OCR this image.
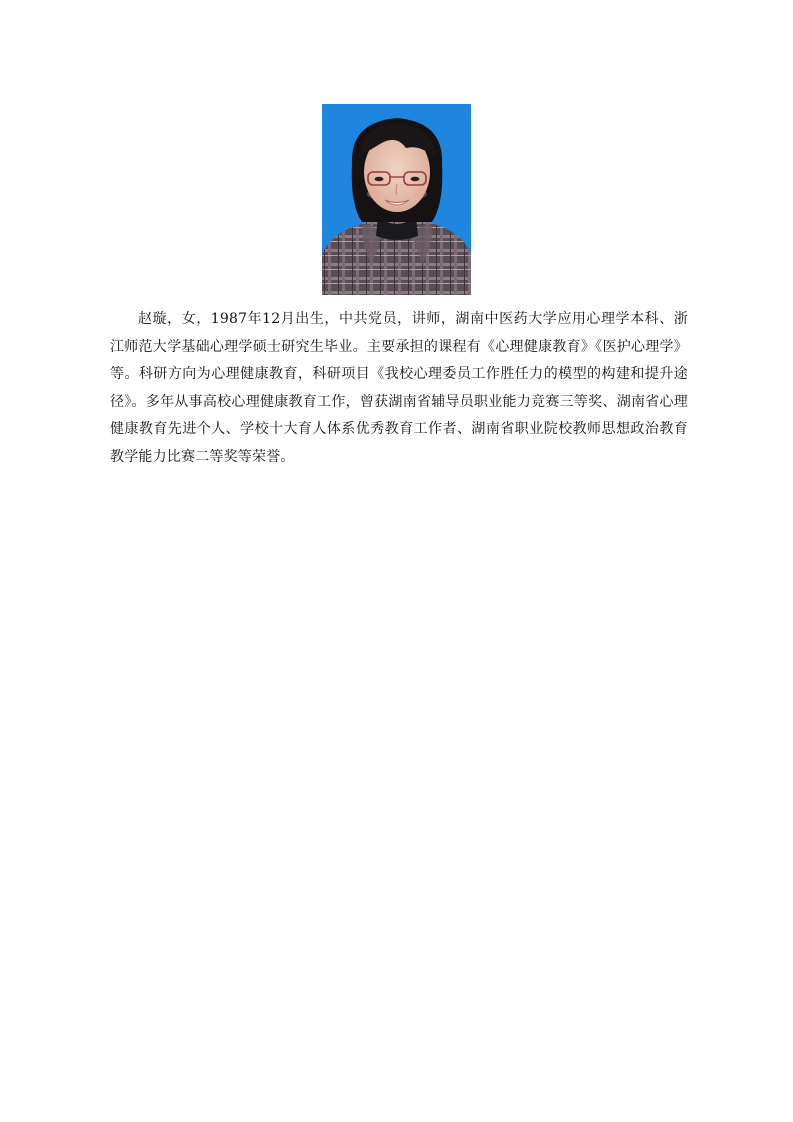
赵璇，女，1987年12月出生，中共党员，讲师，湖南中医药大学应用心理学本科、浙江师范大学基础心理学硕士研究生毕业。主要承担的课程有《心理健康教育》《医护心理学》等。科研方向为心理健康教育，科研项目《我校心理委员工作胜任力的模型的构建和提升途径》。多年从事高校心理健康教育工作，曾获湖南省辅导员职业能力竞赛三等奖、湖南省心理健康教育先进个人、学校十大育人体系优秀教育工作者、湖南省职业院校教师思想政治教育教学能力比赛二等奖等荣誉。
